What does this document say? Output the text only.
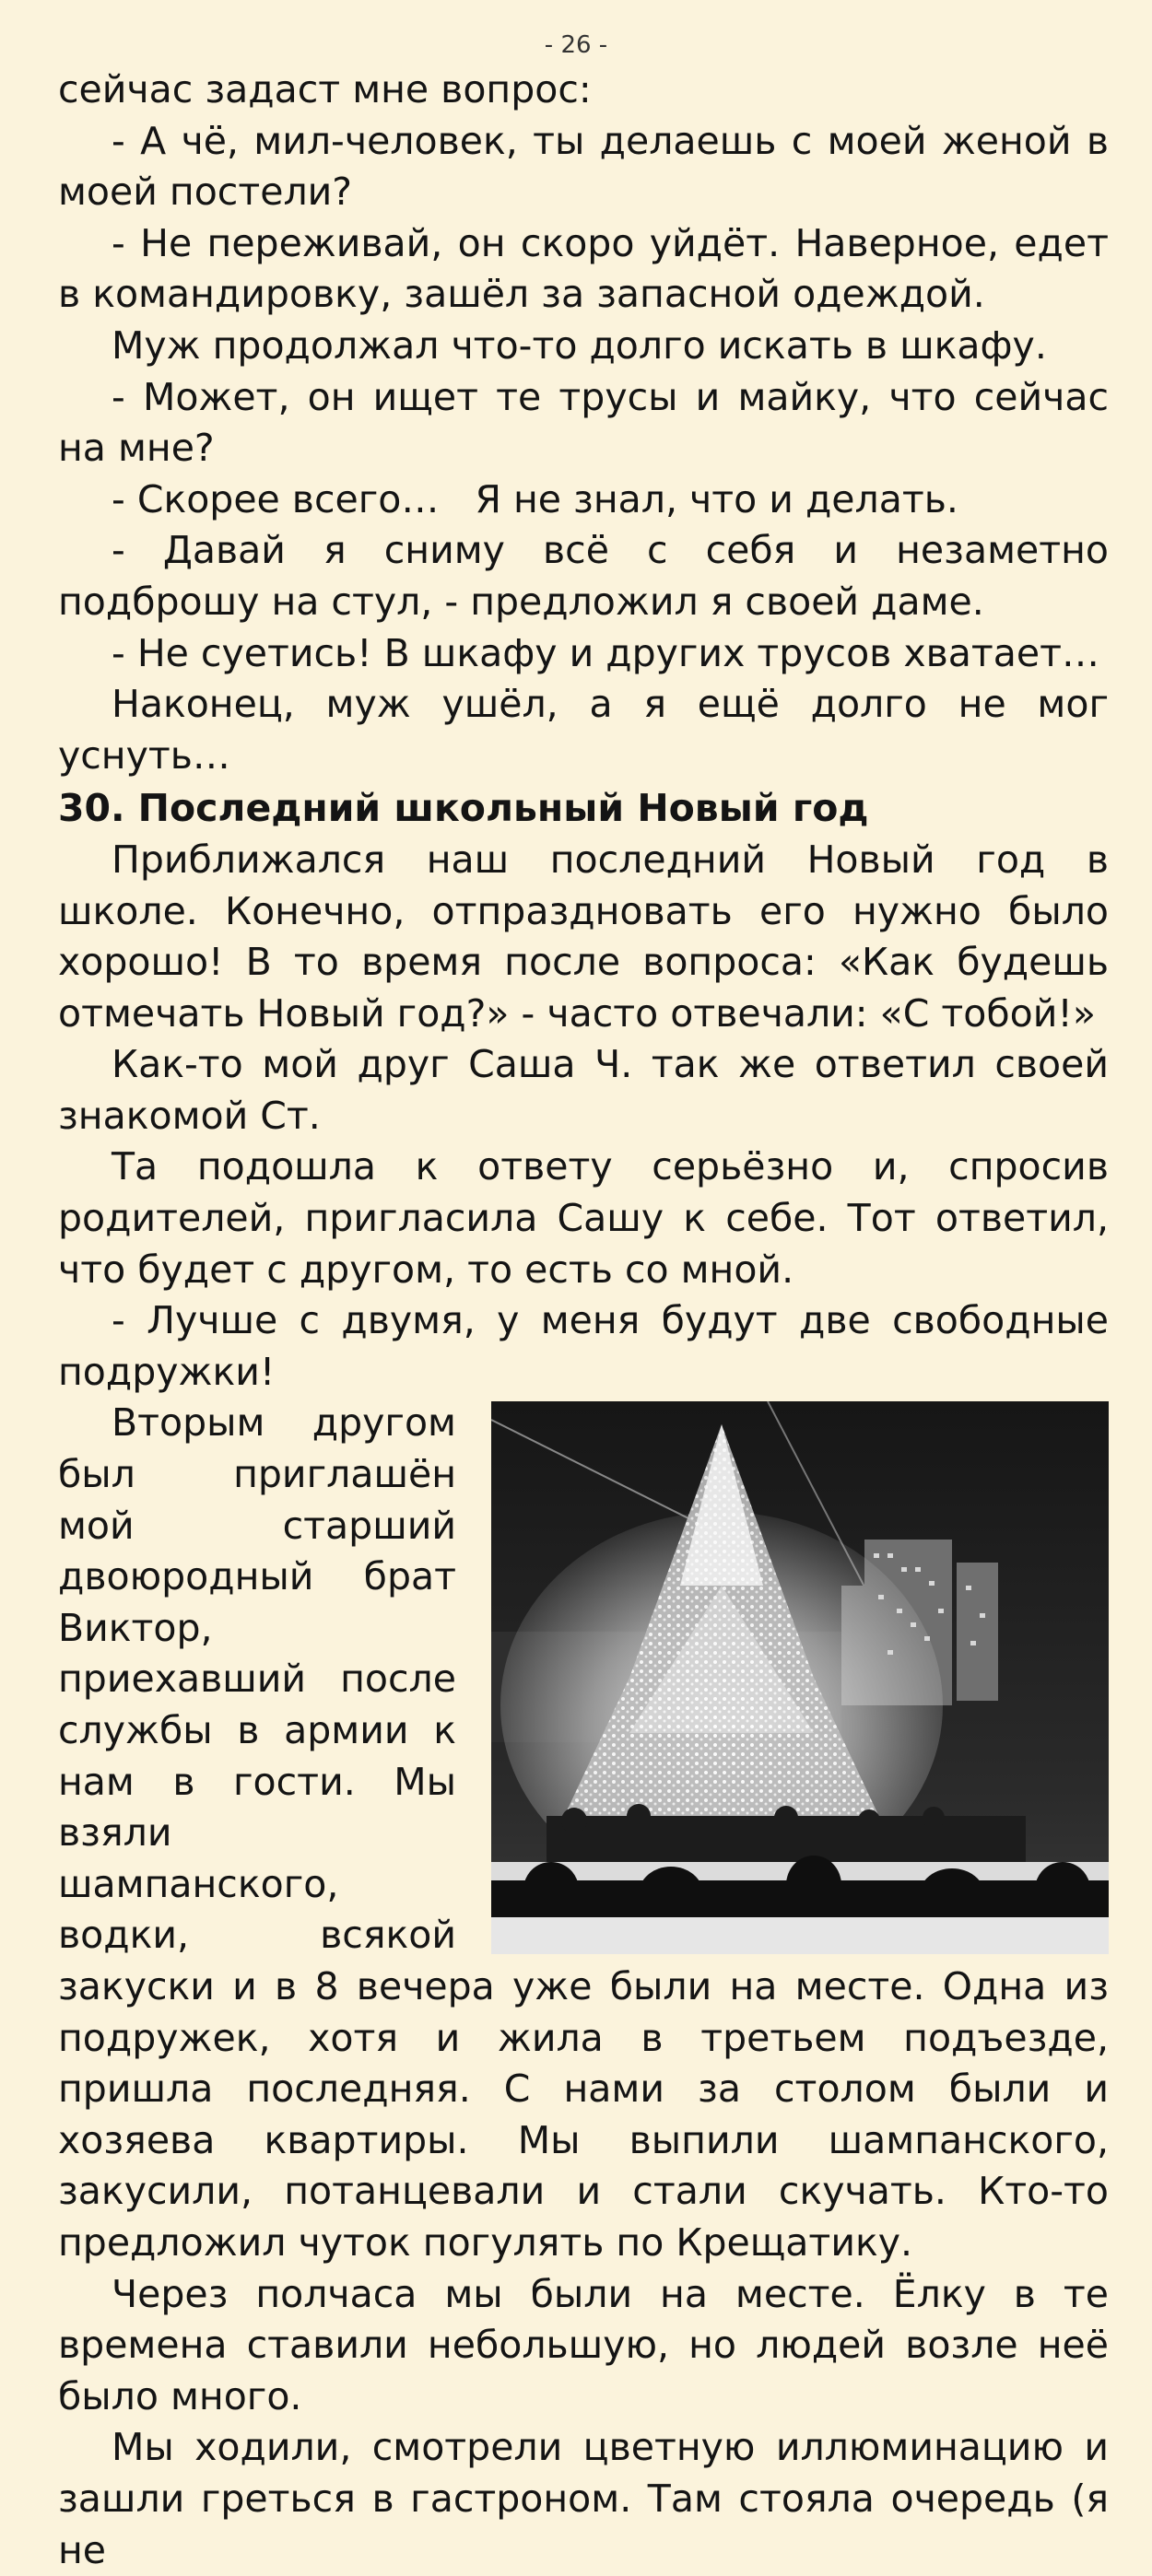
- 26 -

сейчас задаст мне вопрос:

- А чё, мил-человек, ты делаешь с моей женой в моей постели?

- Не переживай, он скоро уйдёт. Наверное, едет в командировку, зашёл за запасной одеждой.

Муж продолжал что-то долго искать в шкафу.

- Может, он ищет те трусы и майку, что сейчас на мне?

- Скорее всего…   Я не знал, что и делать.

- Давай я сниму всё с себя и незаметно подброшу на стул, - предложил я своей даме.

- Не суетись! В шкафу и других трусов хватает…

Наконец, муж ушёл, а я ещё долго не мог уснуть…

30. Последний школьный Новый год

Приближался наш последний Новый год в школе. Конечно, отпраздновать его нужно было хорошо! В то время после вопроса: «Как будешь отмечать Новый год?» - часто отвечали: «С тобой!»

Как-то мой друг Саша Ч. так же ответил своей знакомой Ст.

Та подошла к ответу серьёзно и, спросив родителей, пригласила Сашу к себе. Тот ответил, что будет с другом, то есть со мной.

- Лучше с двумя, у меня будут две свободные подружки!

Вторым другом был приглашён мой старший двоюродный брат Виктор, приехавший после службы в армии к нам в гости. Мы взяли шампанского, водки, всякой закуски и в 8 вечера уже были на месте. Одна из подружек, хотя и жила в третьем подъезде, пришла последняя. С нами за столом были и хозяева квартиры. Мы выпили шампанского, закусили, потанцевали и стали скучать. Кто-то предложил чуток погулять по Крещатику.

Через полчаса мы были на месте. Ёлку в те времена ставили небольшую, но людей возле неё было много.

Мы ходили, смотрели цветную иллюминацию и зашли греться в гастроном. Там стояла очередь (я не
